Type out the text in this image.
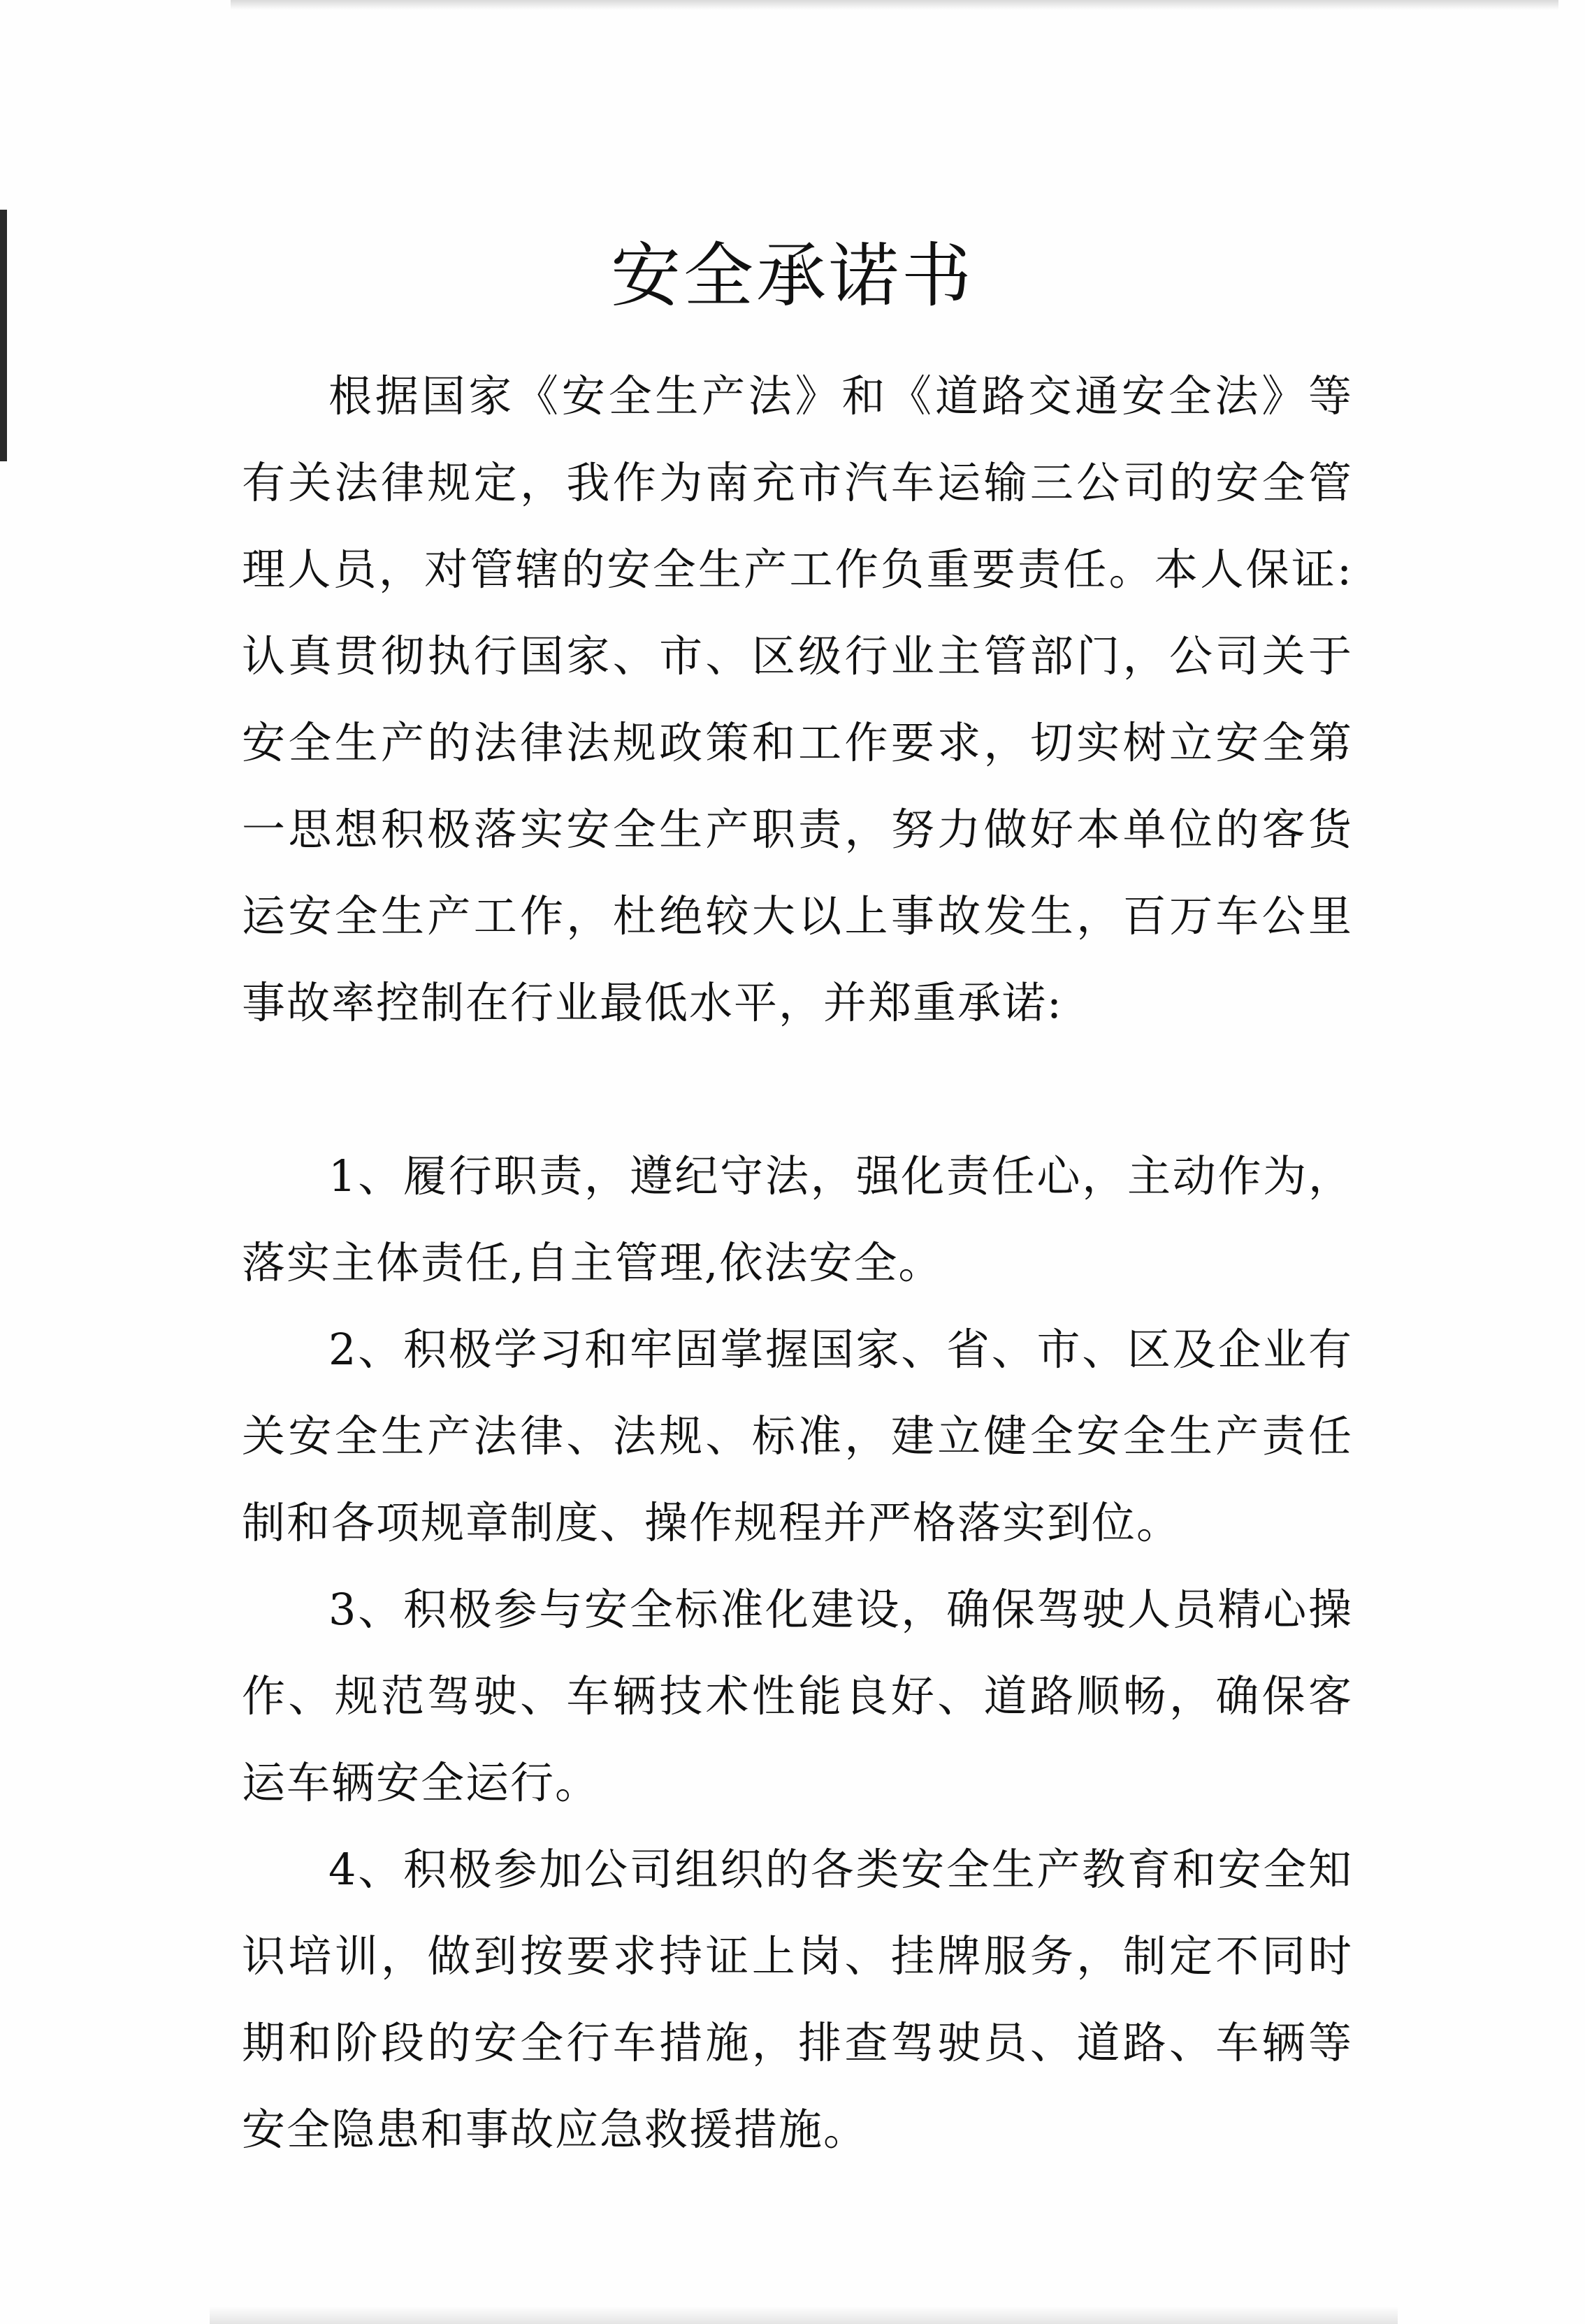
安全承诺书

根据国家《安全生产法》和《道路交通安全法》等有关法律规定，我作为南充市汽车运输三公司的安全管理人员，对管辖的安全生产工作负重要责任。本人保证:认真贯彻执行国家、市、区级行业主管部门，公司关于安全生产的法律法规政策和工作要求，切实树立安全第一思想积极落实安全生产职责，努力做好本单位的客货运安全生产工作，杜绝较大以上事故发生，百万车公里事故率控制在行业最低水平，并郑重承诺:

1、履行职责，遵纪守法，强化责任心，主动作为，落实主体责任,自主管理,依法安全。

2、积极学习和牢固掌握国家、省、市、区及企业有关安全生产法律、法规、标准，建立健全安全生产责任制和各项规章制度、操作规程并严格落实到位。

3、积极参与安全标准化建设，确保驾驶人员精心操作、规范驾驶、车辆技术性能良好、道路顺畅，确保客运车辆安全运行。

4、积极参加公司组织的各类安全生产教育和安全知识培训，做到按要求持证上岗、挂牌服务，制定不同时期和阶段的安全行车措施，排查驾驶员、道路、车辆等安全隐患和事故应急救援措施。
